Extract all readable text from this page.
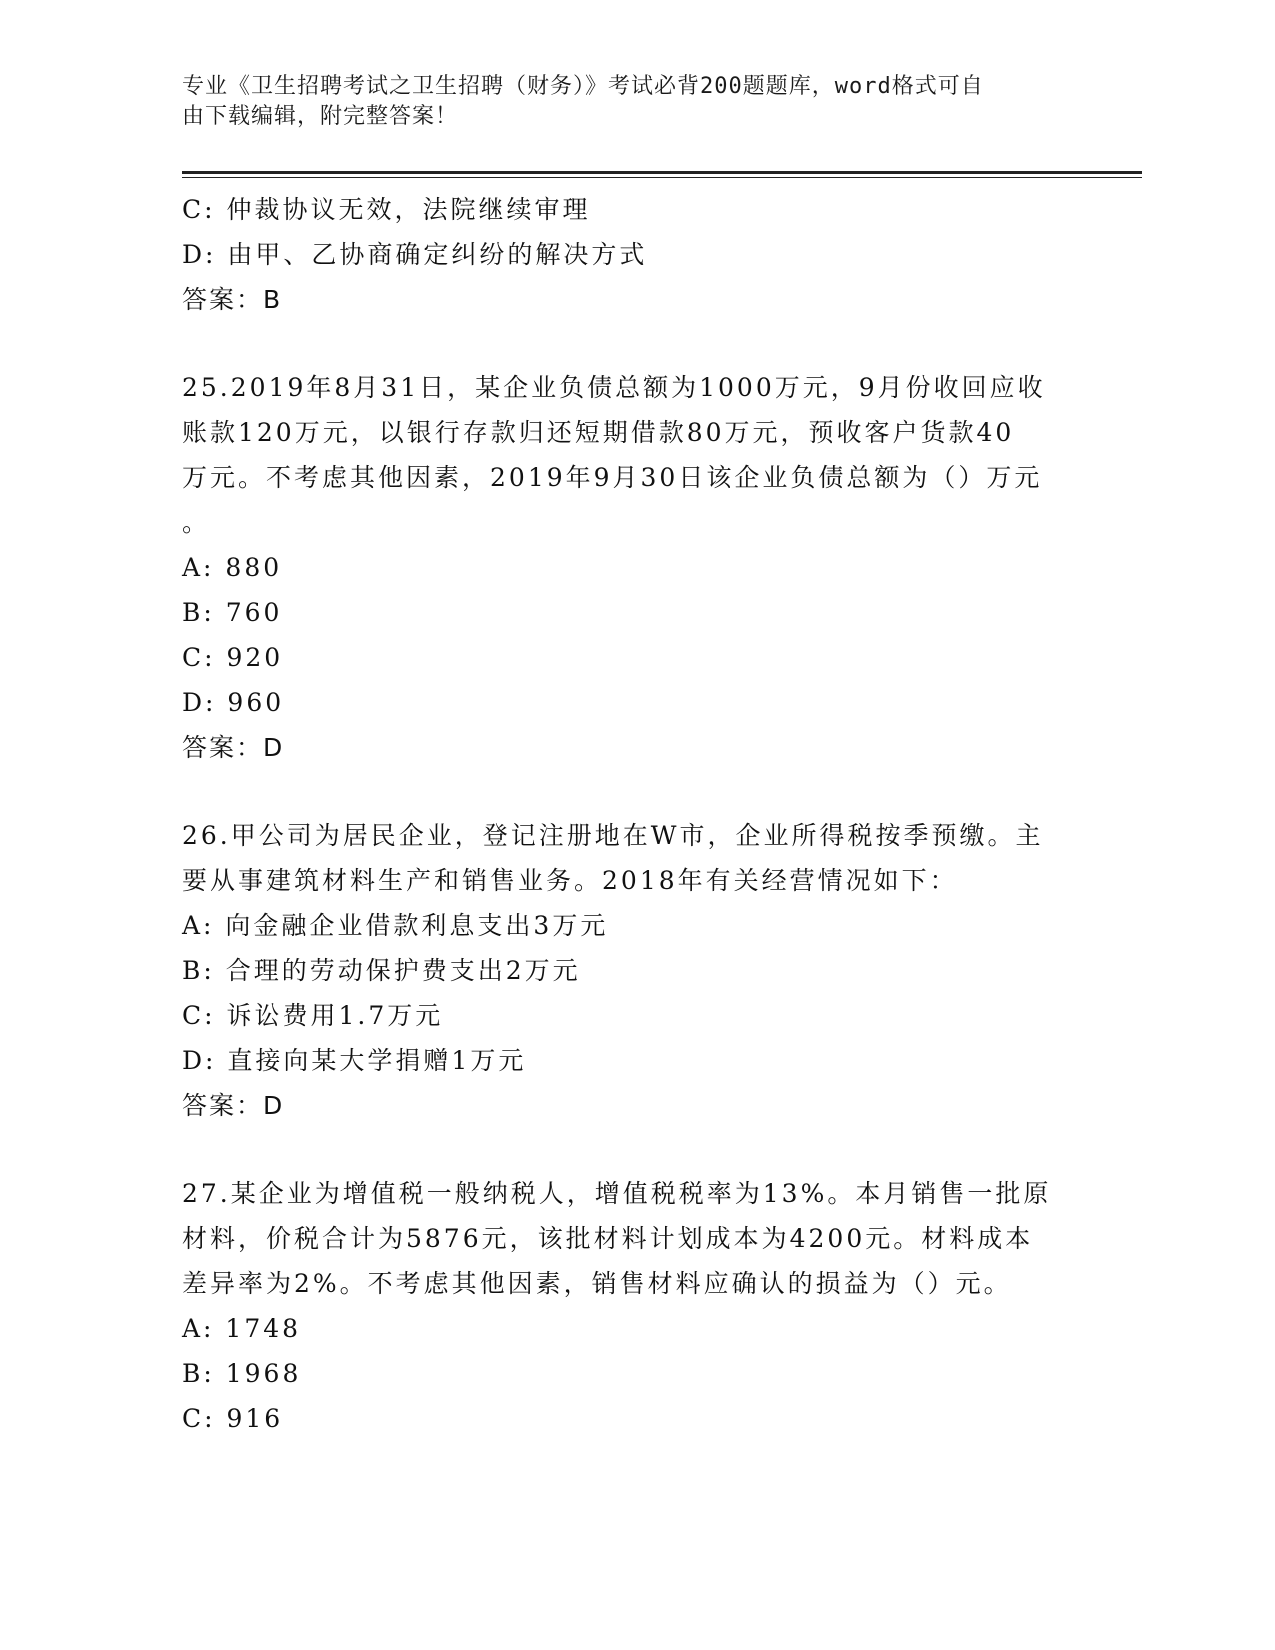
专业《卫生招聘考试之卫生招聘（财务）》考试必背200题题库，word格式可自
由下载编辑，附完整答案！
C: 仲裁协议无效，法院继续审理
D: 由甲、乙协商确定纠纷的解决方式
答案：B
25.2019年8月31日，某企业负债总额为1000万元，9月份收回应收
账款120万元，以银行存款归还短期借款80万元，预收客户货款40
万元。不考虑其他因素，2019年9月30日该企业负债总额为（）万元
。
A: 880
B: 760
C: 920
D: 960
答案：D
26.甲公司为居民企业，登记注册地在W市，企业所得税按季预缴。主
要从事建筑材料生产和销售业务。2018年有关经营情况如下：
A: 向金融企业借款利息支出3万元
B: 合理的劳动保护费支出2万元
C: 诉讼费用1.7万元
D: 直接向某大学捐赠1万元
答案：D
27.某企业为增值税一般纳税人，增值税税率为13%。本月销售一批原
材料，价税合计为5876元，该批材料计划成本为4200元。材料成本
差异率为2%。不考虑其他因素，销售材料应确认的损益为（）元。
A: 1748
B: 1968
C: 916
